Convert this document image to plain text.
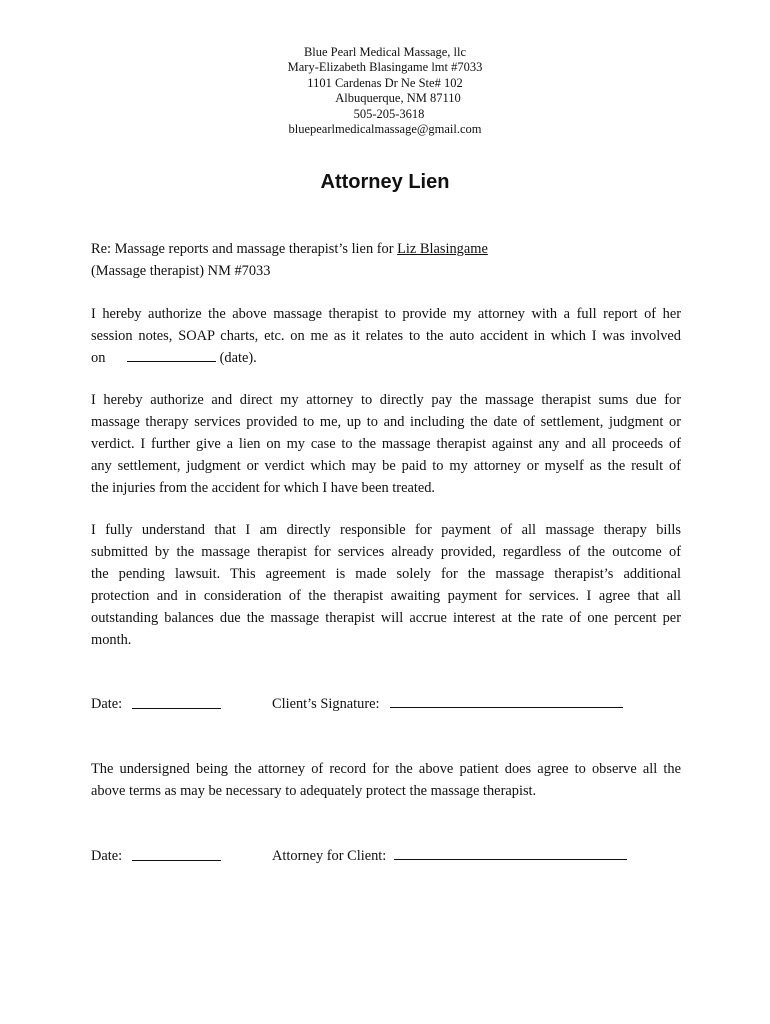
Blue Pearl Medical Massage, llc
Mary-Elizabeth Blasingame lmt #7033
1101 Cardenas Dr Ne Ste# 102
Albuquerque, NM 87110
505-205-3618
bluepearlmedicalmassage@gmail.com
Attorney Lien
Re: Massage reports and massage therapist’s lien for Liz Blasingame
(Massage therapist) NM #7033
I hereby authorize the above massage therapist to provide my attorney with a full report of her
session notes, SOAP charts, etc. on me as it relates to the auto accident in which I was involved
on	(date).
I hereby authorize and direct my attorney to directly pay the massage therapist sums due for
massage therapy services provided to me, up to and including the date of settlement, judgment or
verdict. I further give a lien on my case to the massage therapist against any and all proceeds of
any settlement, judgment or verdict which may be paid to my attorney or myself as the result of
the injuries from the accident for which I have been treated.
I fully understand that I am directly responsible for payment of all massage therapy bills
submitted by the massage therapist for services already provided, regardless of the outcome of
the pending lawsuit. This agreement is made solely for the massage therapist’s additional
protection and in consideration of the therapist awaiting payment for services. I agree that all
outstanding balances due the massage therapist will accrue interest at the rate of one percent per
month.
Date:	Client’s Signature:
The undersigned being the attorney of record for the above patient does agree to observe all the
above terms as may be necessary to adequately protect the massage therapist.
Date:	Attorney for Client:
